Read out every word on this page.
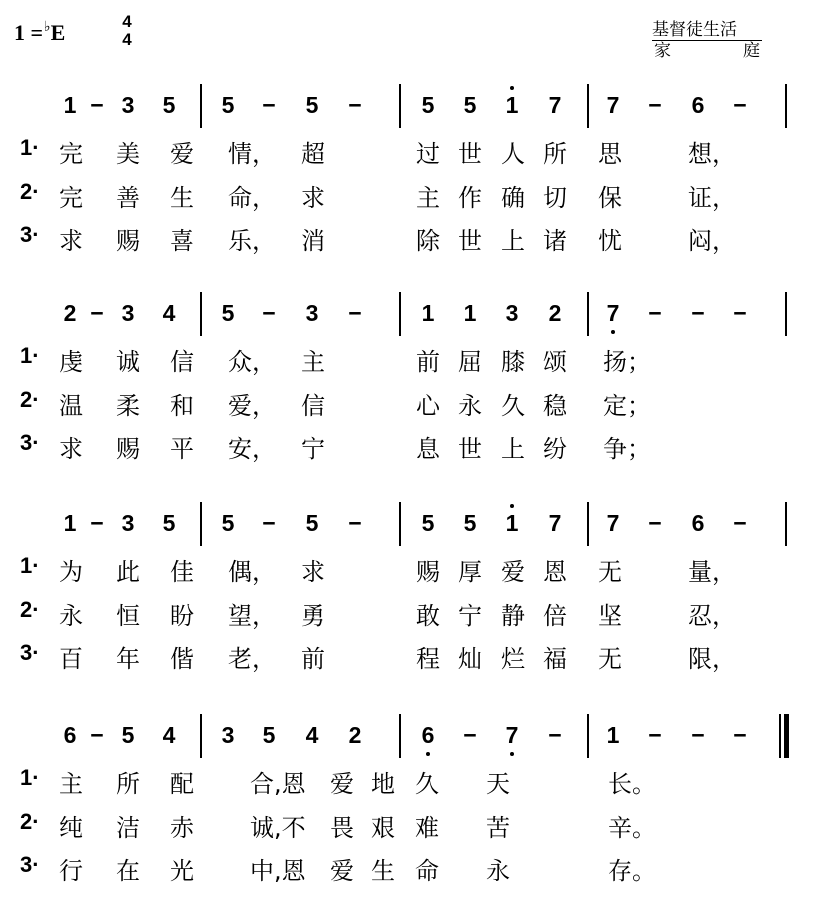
1 =♭E	4
4	基督徒生活
家	庭
1 − 3 5 5 − 5 −	5 5 1 7 7 − 6 −
1· 完 美 爱 情， 超	过 世 人 所 思	想，
2· 完 善 生 命， 求	主 作 确 切 保	证，
3· 求 赐 喜 乐， 消	除 世 上 诸 忧	闷，
2 − 3 4 5 − 3 −	1 1 3 2 7 − − −
1· 虔 诚 信 众， 主	前 屈 膝 颂 扬；
2· 温 柔 和 爱， 信	心 永 久 稳 定；
3· 求 赐 平 安， 宁	息 世 上 纷 争；
1 − 3 5 5 − 5 −	5 5 1 7 7 − 6 −
1· 为 此 佳 偶， 求	赐 厚 爱 恩 无	量，
2· 永 恒 盼 望， 勇	敢 宁 静 倍 坚	忍，
3· 百 年 偕 老， 前	程 灿 烂 福 无	限，
6 − 5 4 3 5 4 2	6 − 7 − 1 − − −
1· 主 所 配 合,恩 爱 地 久 天	长。
2· 纯 洁 赤 诚,不 畏 艰 难 苦	辛。
3· 行 在 光 中,恩 爱 生 命 永	存。
